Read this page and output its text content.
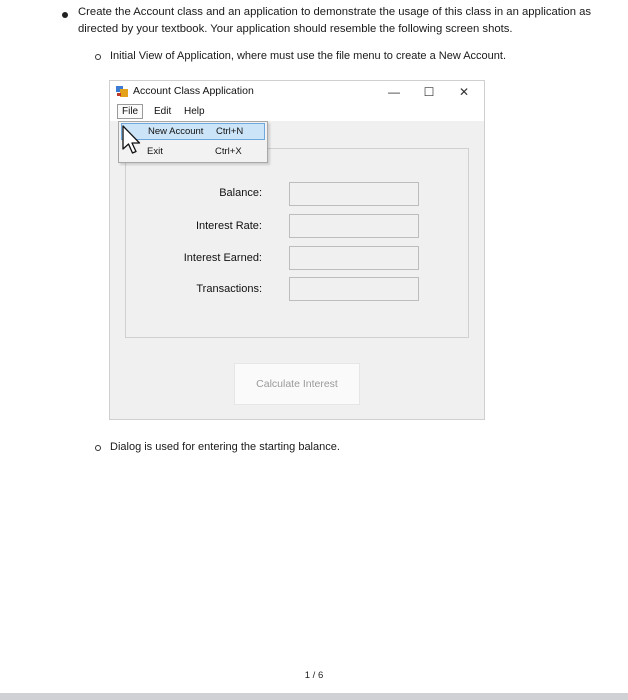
Create the Account class and an application to demonstrate the usage of this class in an application as directed by your textbook. Your application should resemble the following screen shots.
Initial View of Application, where must use the file menu to create a New Account.
Account Class Application	—	☐	✕
File	Edit	Help
Balance:
Interest Rate:
Interest Earned:
Transactions:
Calculate Interest
New Account Ctrl+N
Exit	Ctrl+X
Dialog is used for entering the starting balance.
1 / 6
